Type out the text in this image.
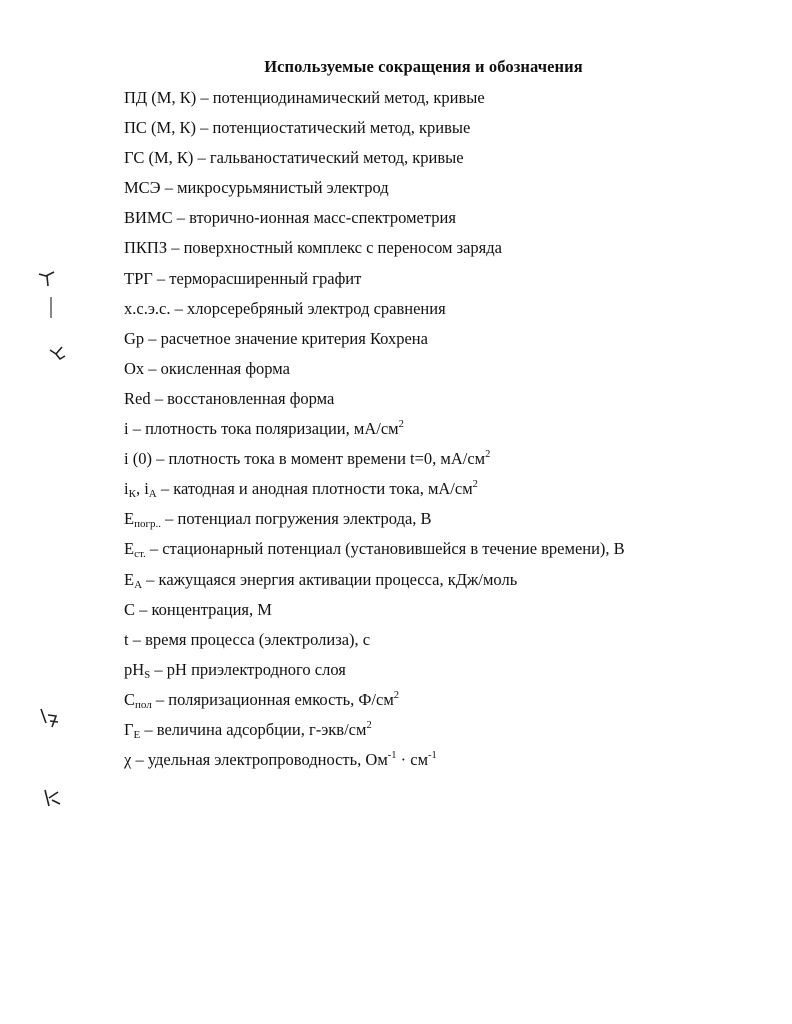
Используемые сокращения и обозначения
ПД (М, К) – потенциодинамический метод, кривые
ПС (М, К) – потенциостатический метод, кривые
ГС (М, К) – гальваностатический метод, кривые
МСЭ – микросурьмянистый электрод
ВИМС – вторично-ионная масс-спектрометрия
ПКПЗ – поверхностный комплекс с переносом заряда
ТРГ – терморасширенный графит
х.с.э.с. – хлорсеребряный электрод сравнения
Gр – расчетное значение критерия Кохрена
Ох – окисленная форма
Red – восстановленная форма
i – плотность тока поляризации, $мА/см^2$
i (0) – плотность тока в момент времени t=0, $мА/см^2$
$i_К$, $i_А$ – катодная и анодная плотности тока, $мА/см^2$
$E_{погр..}$ – потенциал погружения электрода, В
$E_{ст.}$ – стационарный потенциал (установившейся в течение времени), В
$E_A$ – кажущаяся энергия активации процесса, кДж/моль
С – концентрация, М
t – время процесса (электролиза), с
$pH_S$ – рН приэлектродного слоя
$С_{пол}$ – поляризационная емкость, $Ф/см^2$
$Г_E$ – величина адсорбции, $г-экв/см^2$
χ – удельная электропроводность, $Ом^{-1} \cdot см^{-1}$
